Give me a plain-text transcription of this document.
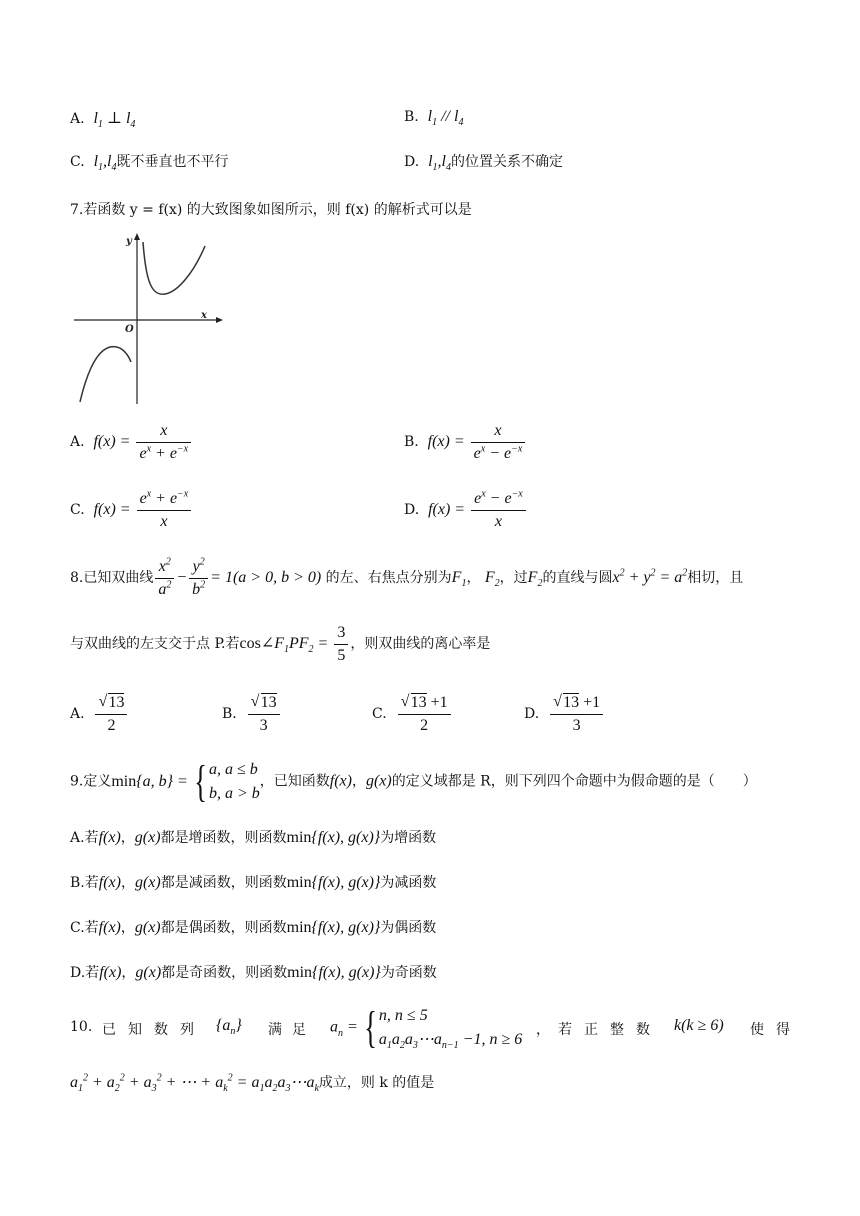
A. $l_1$ ⊥ $l_4$	B. $l_1 // l_4$
C. $l_1,l_4$既不垂直也不平行	D. $l_1,l_4$的位置关系不确定
7.若函数 y = f(x) 的大致图象如图所示，则 f(x) 的解析式可以是
y
x
O
A. $f(x) = \frac{x}{e^x + e^{-x}}$	B. $f(x) = \frac{x}{e^x - e^{-x}}$
C. $f(x) = \frac{e^x + e^{-x}}{x}$	D. $f(x) = \frac{e^x - e^{-x}}{x}$
8.已知双曲线 $\frac{x^2}{a^2} - \frac{y^2}{b^2} = 1(a > 0$, b > 0) 的左、右焦点分别为$F_1$， $F_2$，过$F_2$的直线与圆$x^2 + y^2 = a^2$相切，且
与双曲线的左支交于点 P.若$\cos\angle F_1PF_2 = \frac{3}{5}$ ，则双曲线的离心率是
A. √ $\frac{13}{2}$	B. √ $\frac{13}{3}$	C. √ $\frac{13 +1}{2}$	D. √ $\frac{13 +1}{3}$
9.定义min{a, b} = { a, a ≤ b
b, a > b
，已知函数f(x)，g(x)的定义域都是 R，则下列四个命题中为假命题的是（　　）
A.若f(x)，g(x)都是增函数，则函数min{f(x), g(x)}为增函数
B.若f(x)，g(x)都是减函数，则函数min{f(x), g(x)}为减函数
C.若f(x)，g(x)都是偶函数，则函数min{f(x), g(x)}为偶函数
D.若f(x)，g(x)都是奇函数，则函数min{f(x), g(x)}为奇函数
10. 已 知 数 列 $\{a_n\}$ 满 足 $a_n$ = { n, n ≤ 5
$a_1a_2a_3\cdots a_{n-1} -1$, n ≥ 6
， 若 正 整 数 k(k ≥ 6) 使 得
$a_1^2 + a_2^2 + a_3^2$ + ⋯ + $a_k^2$ = $a_1a_2a_3\cdots a_k$成立，则 k 的值是
